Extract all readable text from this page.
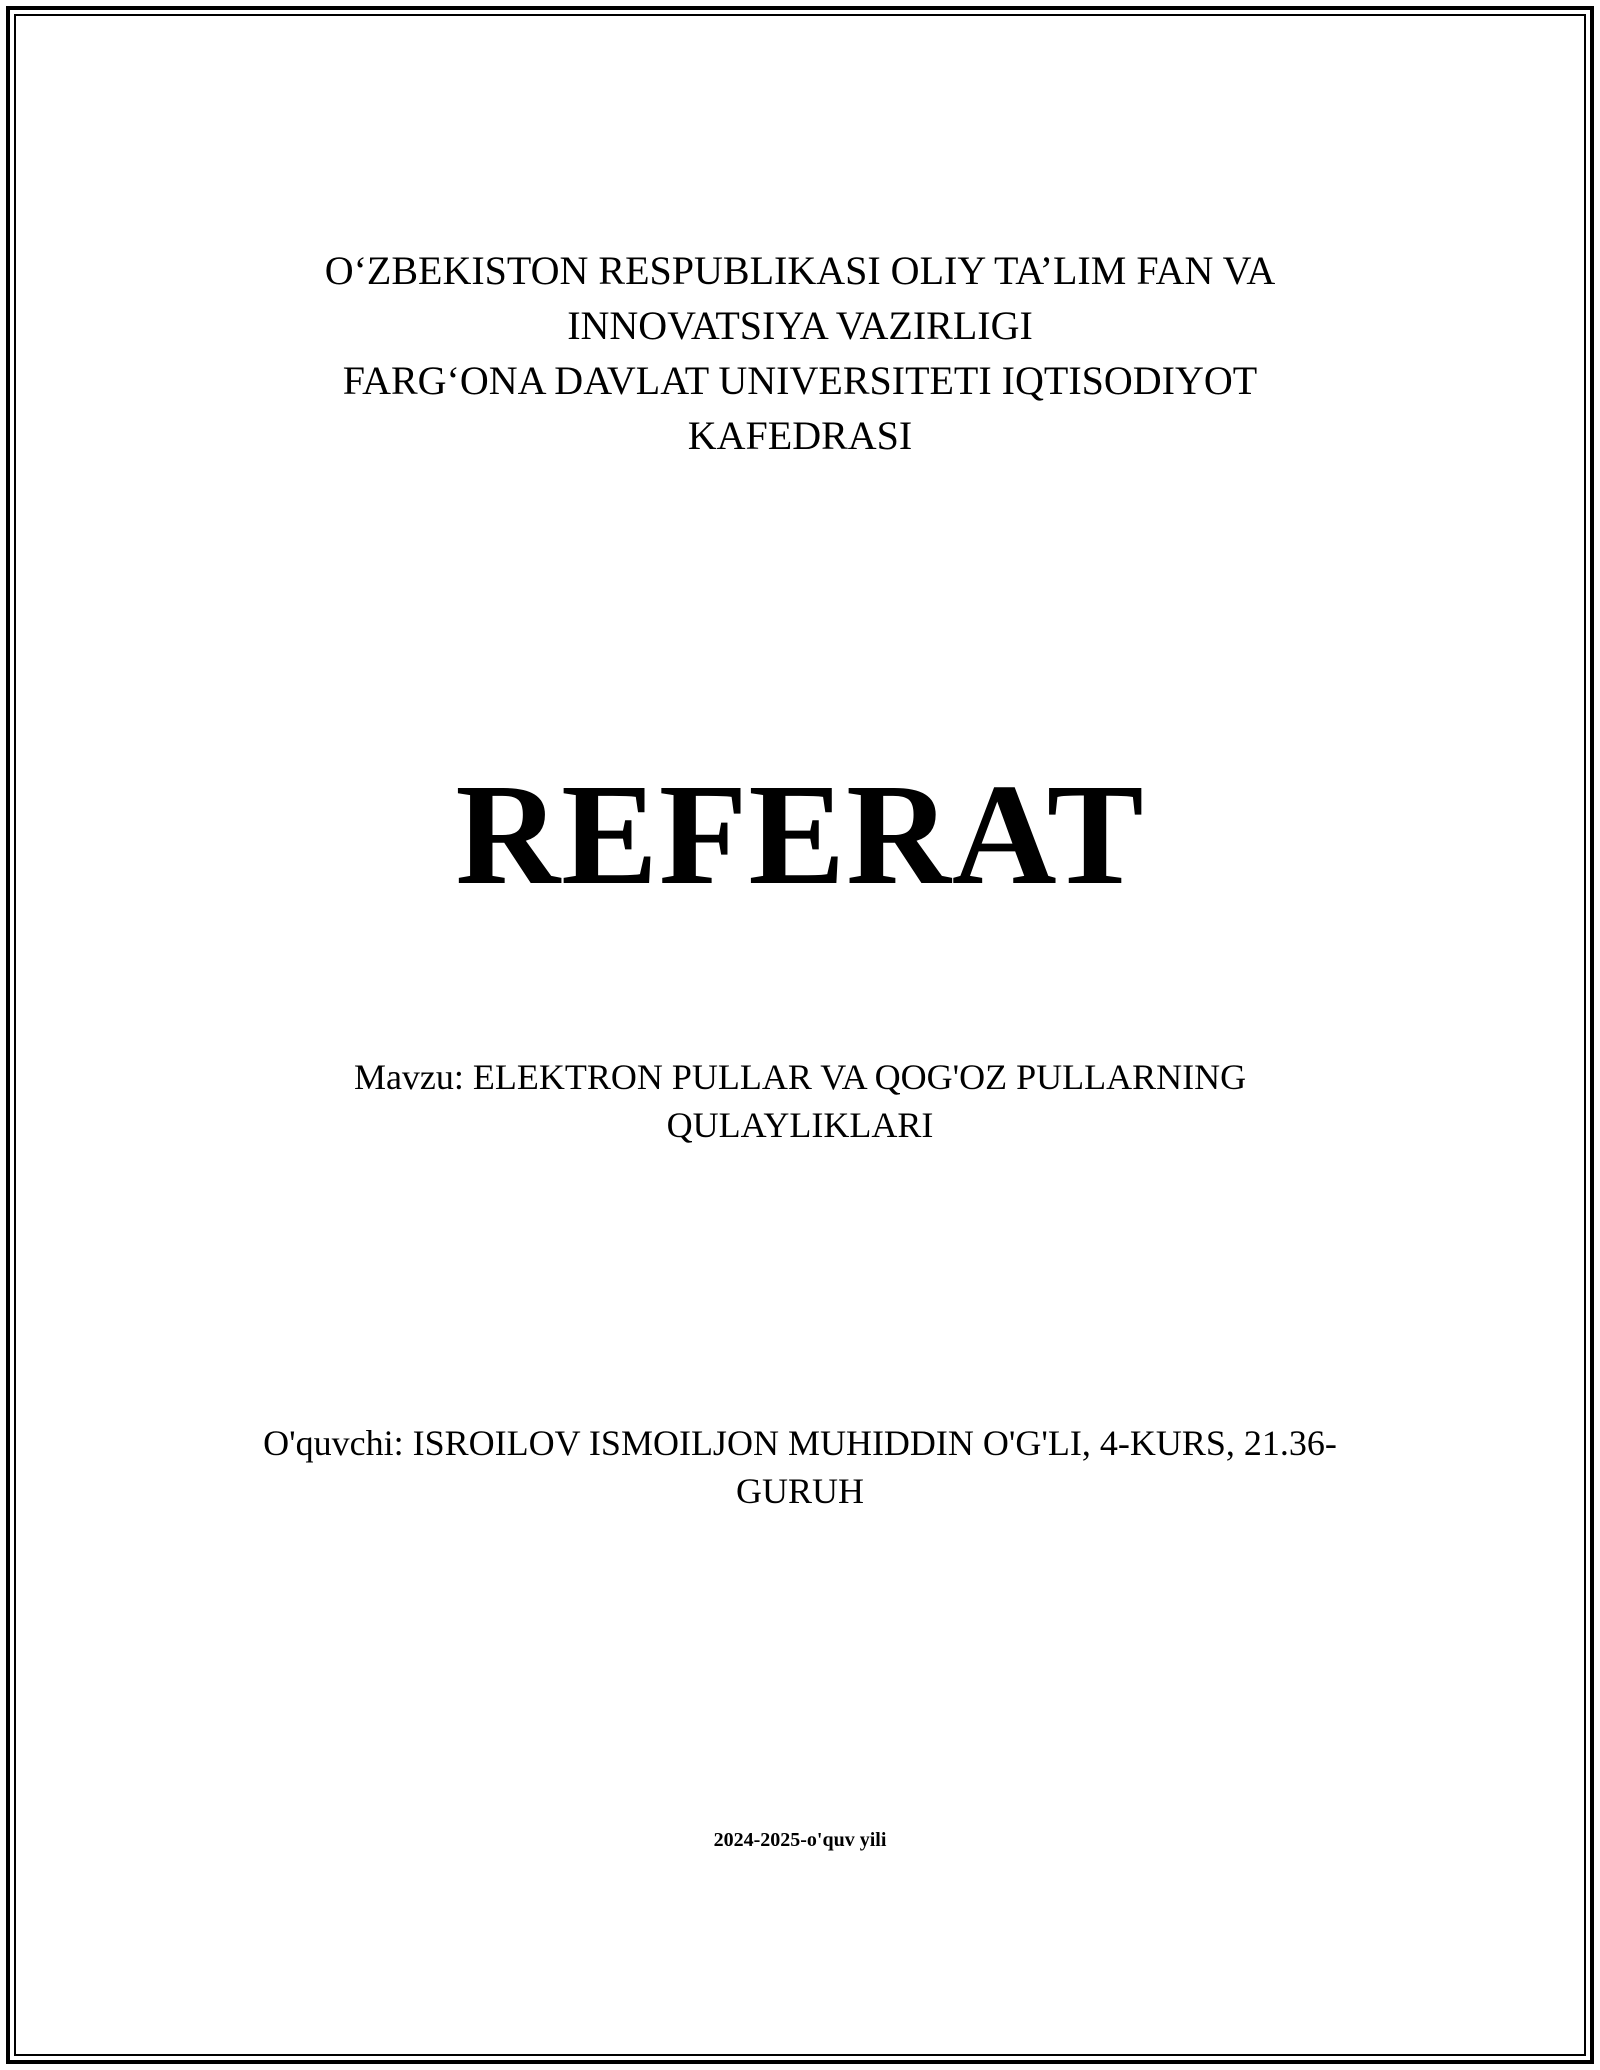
O‘ZBEKISTON RESPUBLIKASI OLIY TA’LIM FAN VA
INNOVATSIYA VAZIRLIGI
FARG‘ONA DAVLAT UNIVERSITETI IQTISODIYOT
KAFEDRASI
REFERAT
Mavzu: ELEKTRON PULLAR VA QOG'OZ PULLARNING
QULAYLIKLARI
O'quvchi: ISROILOV ISMOILJON MUHIDDIN O'G'LI, 4-KURS, 21.36-
GURUH
2024-2025-o'quv yili
